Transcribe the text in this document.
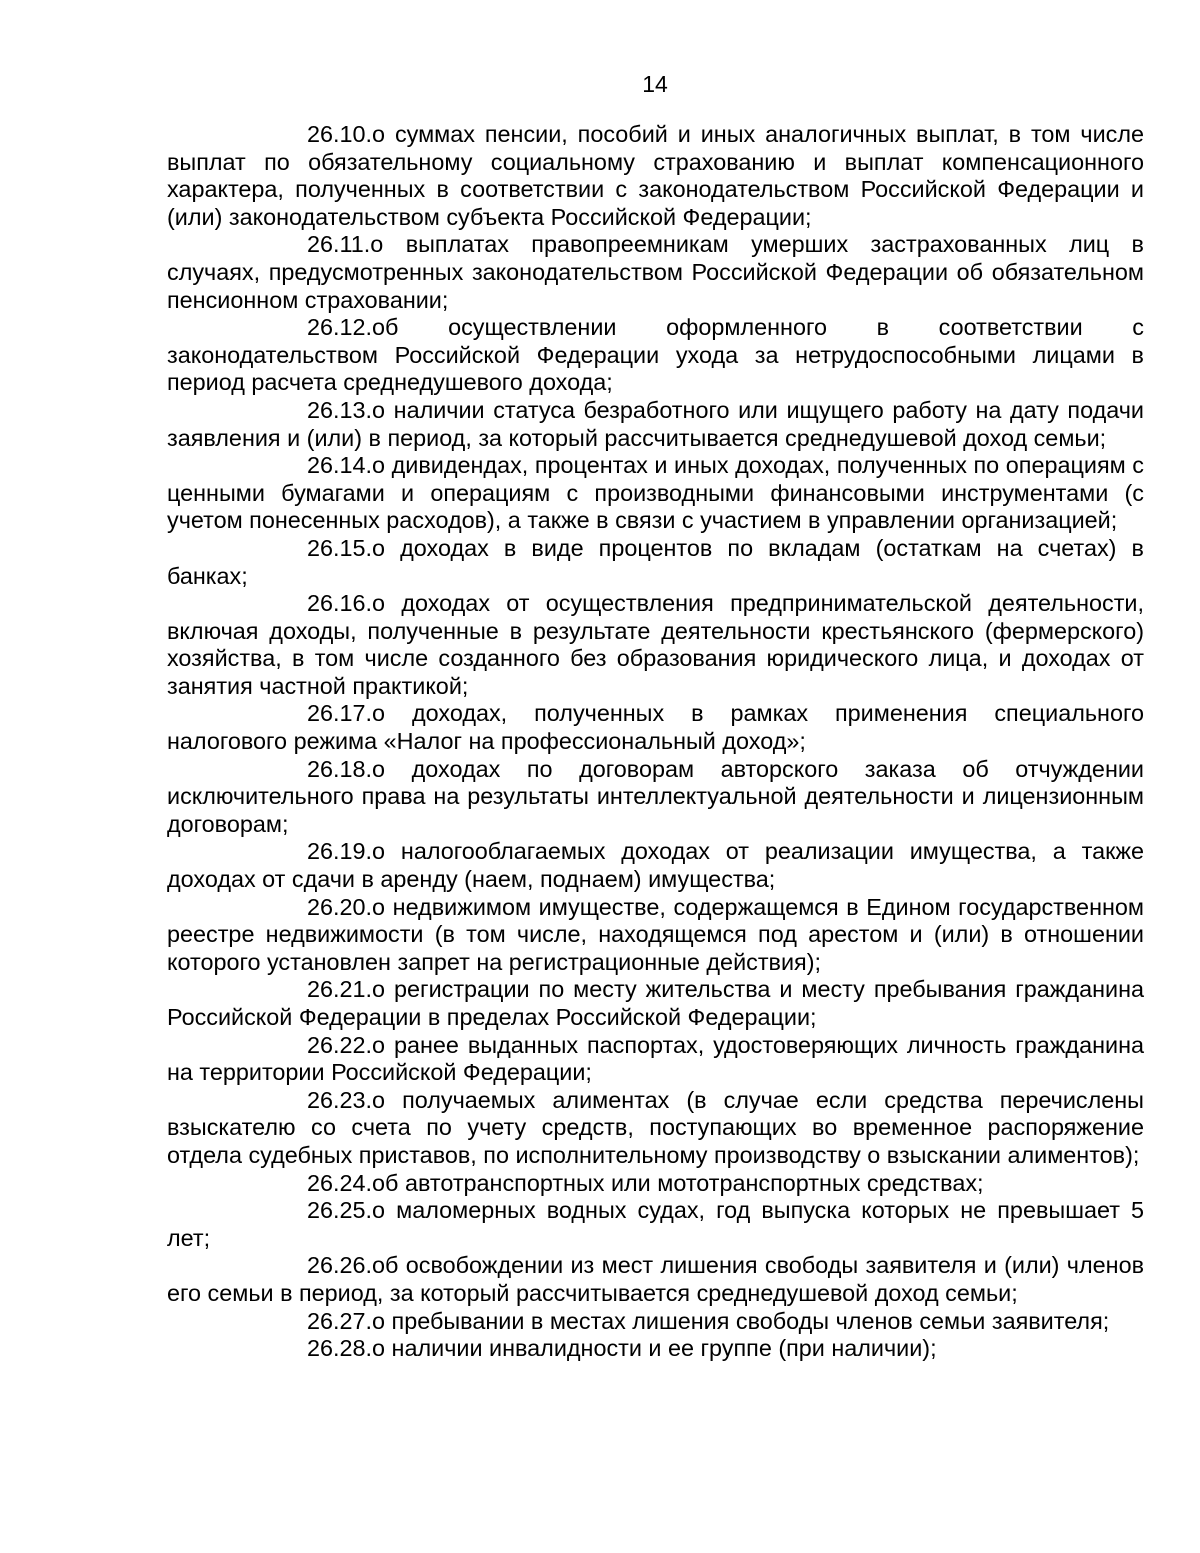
14

26.10.о суммах пенсии, пособий и иных аналогичных выплат, в том числе выплат по обязательному социальному страхованию и выплат компенсационного характера, полученных в соответствии с законодательством Российской Федерации и (или) законодательством субъекта Российской Федерации;

26.11.о выплатах правопреемникам умерших застрахованных лиц в случаях, предусмотренных законодательством Российской Федерации об обязательном пенсионном страховании;

26.12.об осуществлении оформленного в соответствии с законодательством Российской Федерации ухода за нетрудоспособными лицами в период расчета среднедушевого дохода;

26.13.о наличии статуса безработного или ищущего работу на дату подачи заявления и (или) в период, за который рассчитывается среднедушевой доход семьи;

26.14.о дивидендах, процентах и иных доходах, полученных по операциям с ценными бумагами и операциям с производными финансовыми инструментами (с учетом понесенных расходов), а также в связи с участием в управлении организацией;

26.15.о доходах в виде процентов по вкладам (остаткам на счетах) в банках;

26.16.о доходах от осуществления предпринимательской деятельности, включая доходы, полученные в результате деятельности крестьянского (фермерского) хозяйства, в том числе созданного без образования юридического лица, и доходах от занятия частной практикой;

26.17.о доходах, полученных в рамках применения специального налогового режима «Налог на профессиональный доход»;

26.18.о доходах по договорам авторского заказа об отчуждении исключительного права на результаты интеллектуальной деятельности и лицензионным договорам;

26.19.о налогооблагаемых доходах от реализации имущества, а также доходах от сдачи в аренду (наем, поднаем) имущества;

26.20.о недвижимом имуществе, содержащемся в Едином государственном реестре недвижимости (в том числе, находящемся под арестом и (или) в отношении которого установлен запрет на регистрационные действия);

26.21.о регистрации по месту жительства и месту пребывания гражданина Российской Федерации в пределах Российской Федерации;

26.22.о ранее выданных паспортах, удостоверяющих личность гражданина на территории Российской Федерации;

26.23.о получаемых алиментах (в случае если средства перечислены взыскателю со счета по учету средств, поступающих во временное распоряжение отдела судебных приставов, по исполнительному производству о взыскании алиментов);

26.24.об автотранспортных или мототранспортных средствах;

26.25.о маломерных водных судах, год выпуска которых не превышает 5 лет;

26.26.об освобождении из мест лишения свободы заявителя и (или) членов его семьи в период, за который рассчитывается среднедушевой доход семьи;

26.27.о пребывании в местах лишения свободы членов семьи заявителя;

26.28.о наличии инвалидности и ее группе (при наличии);
